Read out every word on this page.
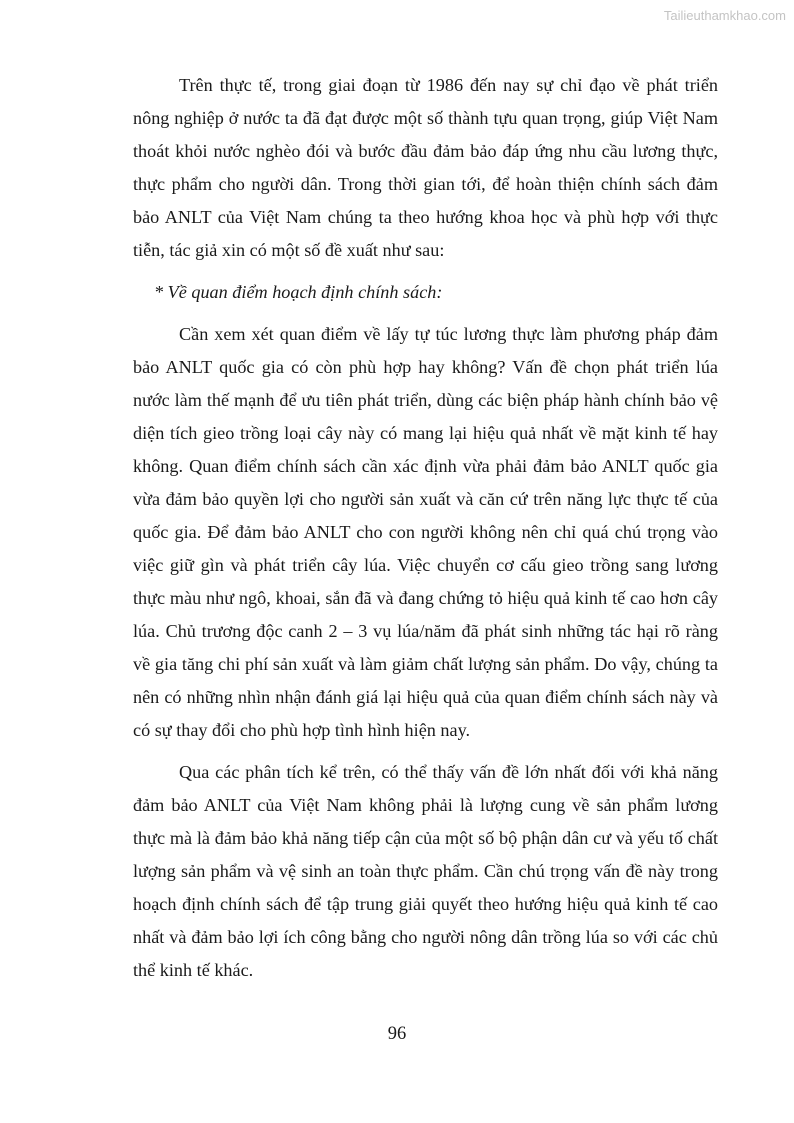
Tailieuthamkhao.com

Trên thực tế, trong giai đoạn từ 1986 đến nay sự chỉ đạo về phát triển nông nghiệp ở nước ta đã đạt được một số thành tựu quan trọng, giúp Việt Nam thoát khỏi nước nghèo đói và bước đầu đảm bảo đáp ứng nhu cầu lương thực, thực phẩm cho người dân. Trong thời gian tới, để hoàn thiện chính sách đảm bảo ANLT của Việt Nam chúng ta theo hướng khoa học và phù hợp với thực tiễn, tác giả xin có một số đề xuất như sau:

* Về quan điểm hoạch định chính sách:

Cần xem xét quan điểm về lấy tự túc lương thực làm phương pháp đảm bảo ANLT quốc gia có còn phù hợp hay không? Vấn đề chọn phát triển lúa nước làm thế mạnh để ưu tiên phát triển, dùng các biện pháp hành chính bảo vệ diện tích gieo trồng loại cây này có mang lại hiệu quả nhất về mặt kinh tế hay không. Quan điểm chính sách cần xác định vừa phải đảm bảo ANLT quốc gia vừa đảm bảo quyền lợi cho người sản xuất và căn cứ trên năng lực thực tế của quốc gia. Để đảm bảo ANLT cho con người không nên chỉ quá chú trọng vào việc giữ gìn và phát triển cây lúa. Việc chuyển cơ cấu gieo trồng sang lương thực màu như ngô, khoai, sắn đã và đang chứng tỏ hiệu quả kinh tế cao hơn cây lúa. Chủ trương độc canh 2 – 3 vụ lúa/năm đã phát sinh những tác hại rõ ràng về gia tăng chi phí sản xuất và làm giảm chất lượng sản phẩm. Do vậy, chúng ta nên có những nhìn nhận đánh giá lại hiệu quả của quan điểm chính sách này và có sự thay đổi cho phù hợp tình hình hiện nay.

Qua các phân tích kể trên, có thể thấy vấn đề lớn nhất đối với khả năng đảm bảo ANLT của Việt Nam không phải là lượng cung về sản phẩm lương thực mà là đảm bảo khả năng tiếp cận của một số bộ phận dân cư và yếu tố chất lượng sản phẩm và vệ sinh an toàn thực phẩm. Cần chú trọng vấn đề này trong hoạch định chính sách để tập trung giải quyết theo hướng hiệu quả kinh tế cao nhất và đảm bảo lợi ích công bằng cho người nông dân trồng lúa so với các chủ thể kinh tế khác.

96
